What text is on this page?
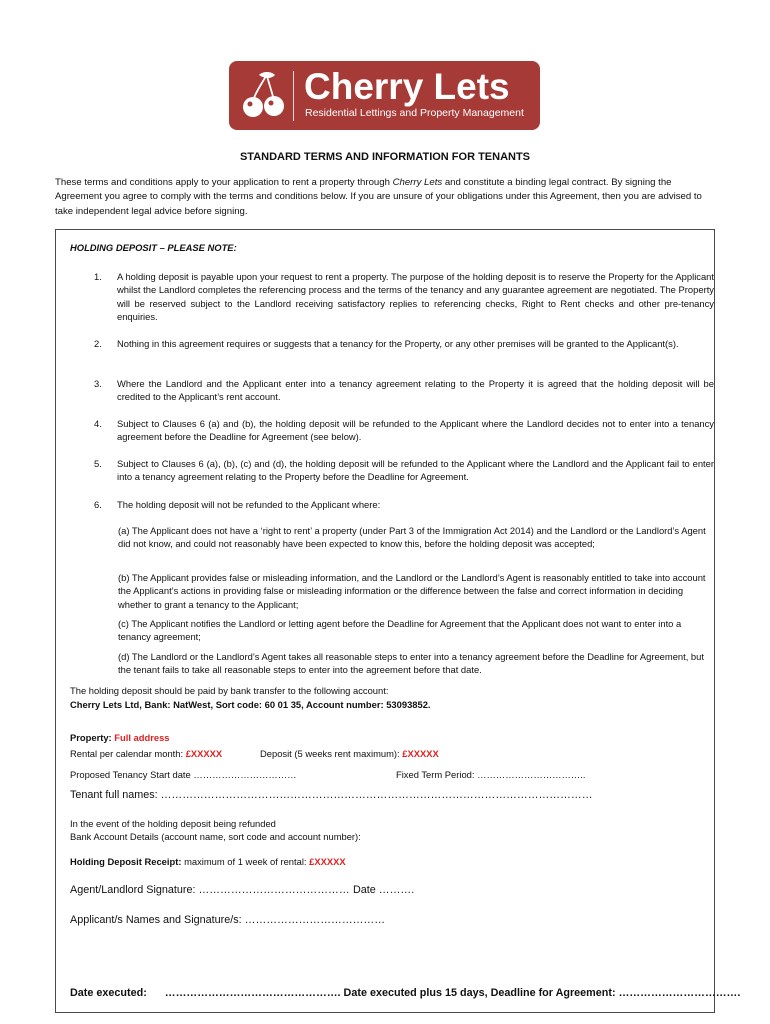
Cherry Lets
Residential Lettings and Property Management
STANDARD TERMS AND INFORMATION FOR TENANTS
These terms and conditions apply to your application to rent a property through Cherry Lets and constitute a binding legal contract. By signing the Agreement you agree to comply with the terms and conditions below. If you are unsure of your obligations under this Agreement, then you are advised to take independent legal advice before signing.
HOLDING DEPOSIT – PLEASE NOTE:
1. A holding deposit is payable upon your request to rent a property. The purpose of the holding deposit is to reserve the Property for the Applicant whilst the Landlord completes the referencing process and the terms of the tenancy and any guarantee agreement are negotiated. The Property will be reserved subject to the Landlord receiving satisfactory replies to referencing checks, Right to Rent checks and other pre-tenancy enquiries.
2. Nothing in this agreement requires or suggests that a tenancy for the Property, or any other premises will be granted to the Applicant(s).
3. Where the Landlord and the Applicant enter into a tenancy agreement relating to the Property it is agreed that the holding deposit will be credited to the Applicant’s rent account.
4. Subject to Clauses 6 (a) and (b), the holding deposit will be refunded to the Applicant where the Landlord decides not to enter into a tenancy agreement before the Deadline for Agreement (see below).
5. Subject to Clauses 6 (a), (b), (c) and (d), the holding deposit will be refunded to the Applicant where the Landlord and the Applicant fail to enter into a tenancy agreement relating to the Property before the Deadline for Agreement.
6. The holding deposit will not be refunded to the Applicant where:
(a) The Applicant does not have a ‘right to rent’ a property (under Part 3 of the Immigration Act 2014) and the Landlord or the Landlord’s Agent did not know, and could not reasonably have been expected to know this, before the holding deposit was accepted;
(b) The Applicant provides false or misleading information, and the Landlord or the Landlord’s Agent is reasonably entitled to take into account the Applicant’s actions in providing false or misleading information or the difference between the false and correct information in deciding whether to grant a tenancy to the Applicant;
(c) The Applicant notifies the Landlord or letting agent before the Deadline for Agreement that the Applicant does not want to enter into a tenancy agreement;
(d) The Landlord or the Landlord’s Agent takes all reasonable steps to enter into a tenancy agreement before the Deadline for Agreement, but the tenant fails to take all reasonable steps to enter into the agreement before that date.
The holding deposit should be paid by bank transfer to the following account:
Cherry Lets Ltd, Bank: NatWest, Sort code: 60 01 35, Account number: 53093852.
Property: Full address
Rental per calendar month: £XXXXX	Deposit (5 weeks rent maximum): £XXXXX
Proposed Tenancy Start date ……………………………	Fixed Term Period: ……………………………..
Tenant full names: …………………………………………………………………………………………………………
In the event of the holding deposit being refunded
Bank Account Details (account name, sort code and account number):
Holding Deposit Receipt: maximum of 1 week of rental: £XXXXX
Agent/Landlord Signature: …………………………………… Date ……….
Applicant/s Names and Signature/s: …………………………………
Date executed:      …………………………………………. Date executed plus 15 days, Deadline for Agreement: …………………………….
